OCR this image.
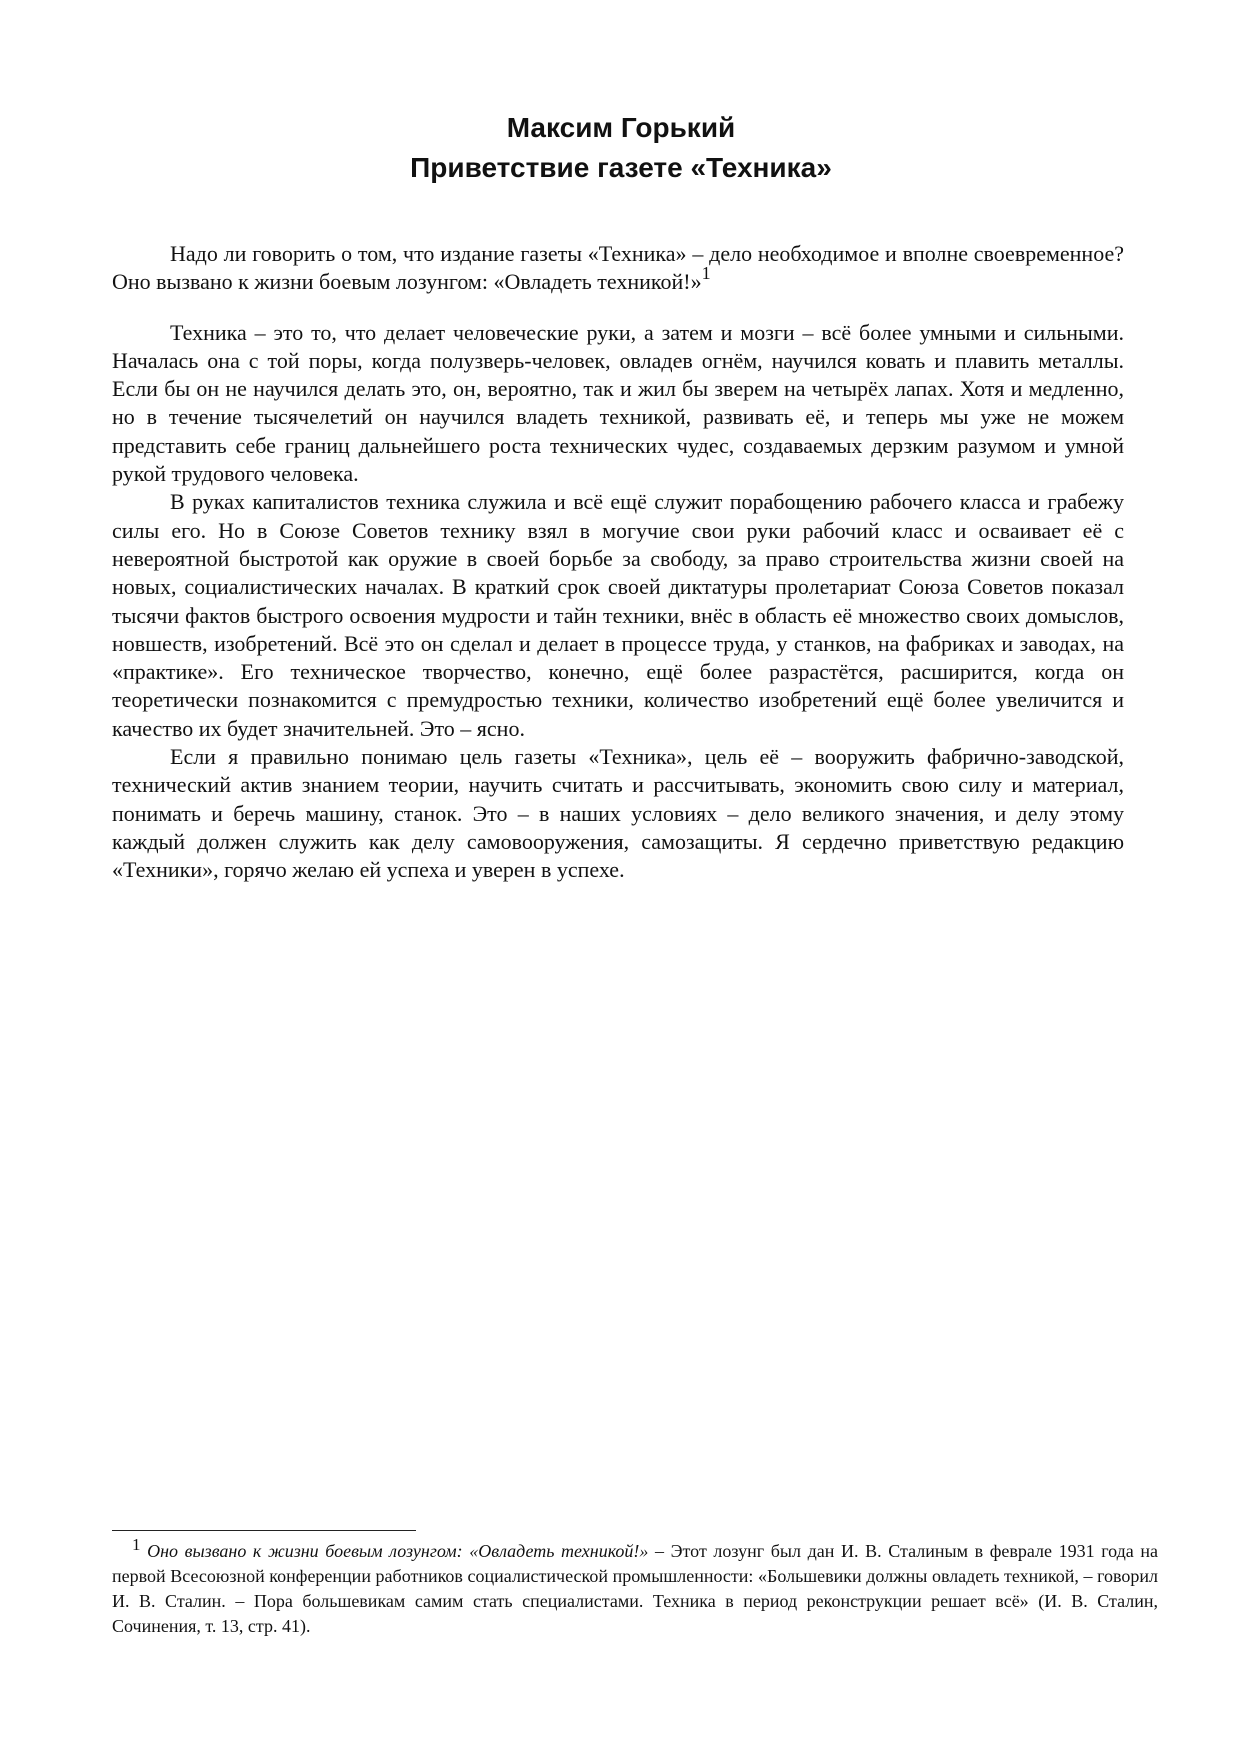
Максим Горький
Приветствие газете «Техника»

Надо ли говорить о том, что издание газеты «Техника» – дело необходимое и вполне своевременное? Оно вызвано к жизни боевым лозунгом: «Овладеть техникой!»$^1$

Техника – это то, что делает человеческие руки, а затем и мозги – всё более умными и сильными. Началась она с той поры, когда полузверь-человек, овладев огнём, научился ковать и плавить металлы. Если бы он не научился делать это, он, вероятно, так и жил бы зверем на четырёх лапах. Хотя и медленно, но в течение тысячелетий он научился владеть техникой, развивать её, и теперь мы уже не можем представить себе границ дальнейшего роста технических чудес, создаваемых дерзким разумом и умной рукой трудового человека.

В руках капиталистов техника служила и всё ещё служит порабощению рабочего класса и грабежу силы его. Но в Союзе Советов технику взял в могучие свои руки рабочий класс и осваивает её с невероятной быстротой как оружие в своей борьбе за свободу, за право строительства жизни своей на новых, социалистических началах. В краткий срок своей диктатуры пролетариат Союза Советов показал тысячи фактов быстрого освоения мудрости и тайн техники, внёс в область её множество своих домыслов, новшеств, изобретений. Всё это он сделал и делает в процессе труда, у станков, на фабриках и заводах, на «практике». Его техническое творчество, конечно, ещё более разрастётся, расширится, когда он теоретически познакомится с премудростью техники, количество изобретений ещё более увеличится и качество их будет значительней. Это – ясно.

Если я правильно понимаю цель газеты «Техника», цель её – вооружить фабрично-заводской, технический актив знанием теории, научить считать и рассчитывать, экономить свою силу и материал, понимать и беречь машину, станок. Это – в наших условиях – дело великого значения, и делу этому каждый должен служить как делу самовооружения, самозащиты. Я сердечно приветствую редакцию «Техники», горячо желаю ей успеха и уверен в успехе.

1 Оно вызвано к жизни боевым лозунгом: «Овладеть техникой!» – Этот лозунг был дан И. В. Сталиным в феврале 1931 года на первой Всесоюзной конференции работников социалистической промышленности: «Большевики должны овладеть техникой, – говорил И. В. Сталин. – Пора большевикам самим стать специалистами. Техника в период реконструкции решает всё» (И. В. Сталин, Сочинения, т. 13, стр. 41).
